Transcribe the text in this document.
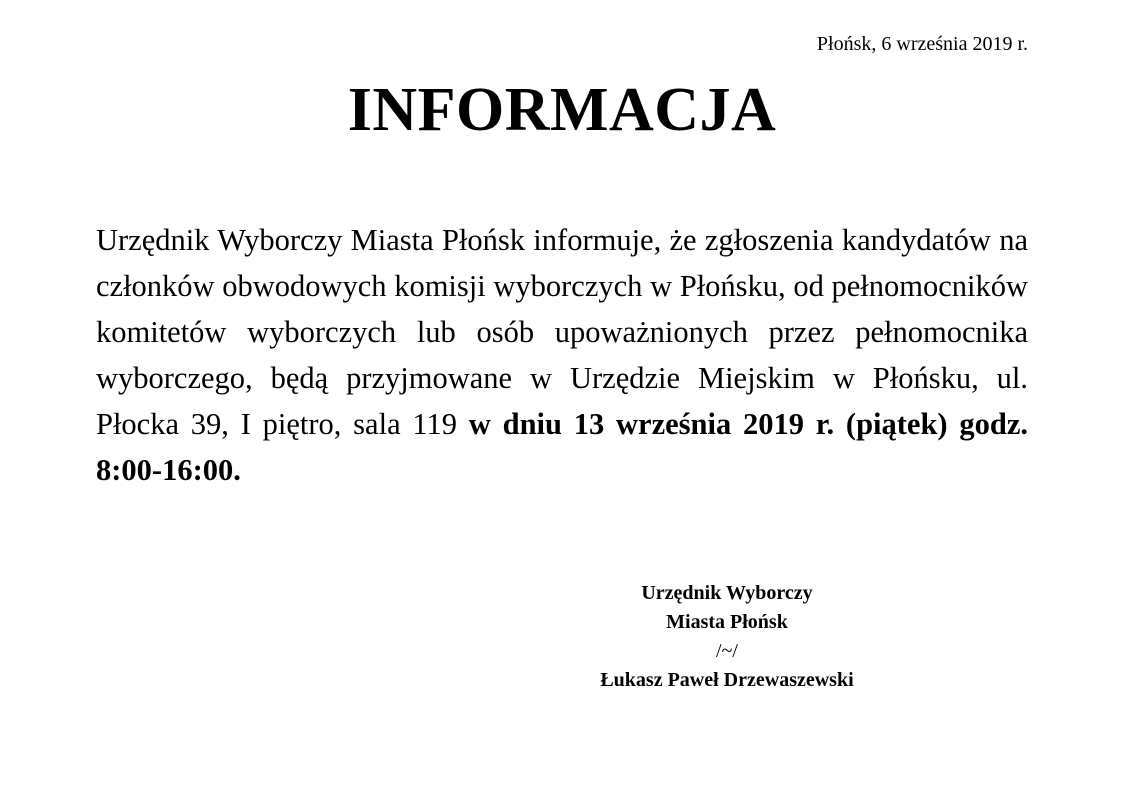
Płońsk, 6 września 2019 r.
INFORMACJA

Urzędnik Wyborczy Miasta Płońsk informuje, że zgłoszenia kandydatów na członków obwodowych komisji wyborczych w Płońsku, od pełnomocników komitetów wyborczych lub osób upoważnionych przez pełnomocnika wyborczego, będą przyjmowane w Urzędzie Miejskim w Płońsku, ul. Płocka 39, I piętro, sala 119 w dniu 13 września 2019 r. (piątek) godz. 8:00-16:00.

Urzędnik Wyborczy
Miasta Płońsk
/~/
Łukasz Paweł Drzewaszewski
